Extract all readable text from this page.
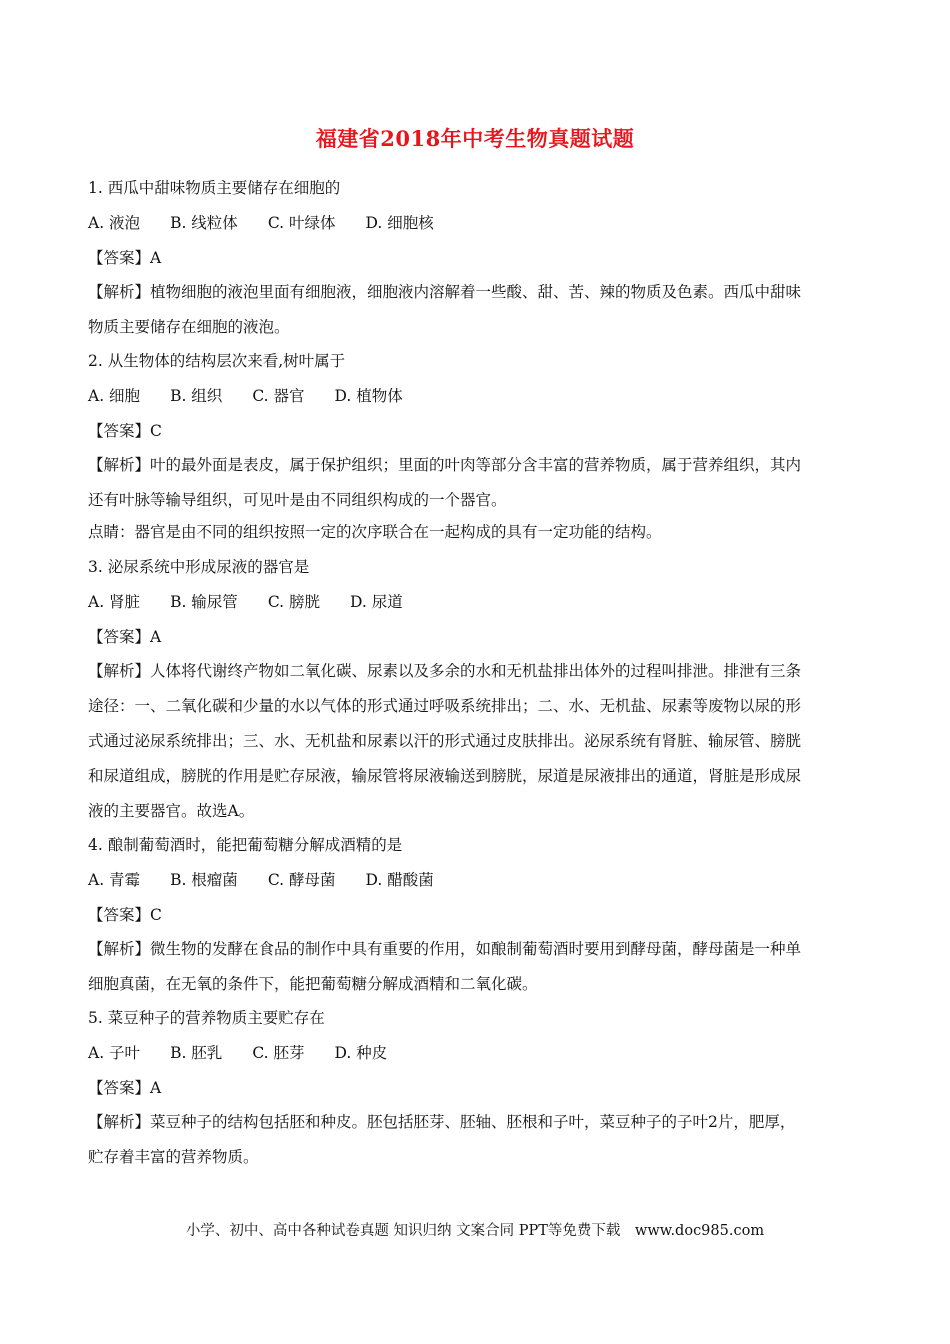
福建省2018年中考生物真题试题
1. 西瓜中甜味物质主要储存在细胞的
A. 液泡 B. 线粒体 C. 叶绿体 D. 细胞核
【答案】A
【解析】植物细胞的液泡里面有细胞液，细胞液内溶解着一些酸、甜、苦、辣的物质及色素。西瓜中甜味
物质主要储存在细胞的液泡。
2. 从生物体的结构层次来看,树叶属于
A. 细胞 B. 组织 C. 器官 D. 植物体
【答案】C
【解析】叶的最外面是表皮，属于保护组织；里面的叶肉等部分含丰富的营养物质，属于营养组织，其内
还有叶脉等输导组织，可见叶是由不同组织构成的一个器官。
点睛：器官是由不同的组织按照一定的次序联合在一起构成的具有一定功能的结构。
3. 泌尿系统中形成尿液的器官是
A. 肾脏 B. 输尿管 C. 膀胱 D. 尿道
【答案】A
【解析】人体将代谢终产物如二氧化碳、尿素以及多余的水和无机盐排出体外的过程叫排泄。排泄有三条
途径：一、二氧化碳和少量的水以气体的形式通过呼吸系统排出；二、水、无机盐、尿素等废物以尿的形
式通过泌尿系统排出；三、水、无机盐和尿素以汗的形式通过皮肤排出。泌尿系统有肾脏、输尿管、膀胱
和尿道组成，膀胱的作用是贮存尿液，输尿管将尿液输送到膀胱，尿道是尿液排出的通道，肾脏是形成尿
液的主要器官。故选A。
4. 酿制葡萄酒时，能把葡萄糖分解成酒精的是
A. 青霉 B. 根瘤菌 C. 酵母菌 D. 醋酸菌
【答案】C
【解析】微生物的发酵在食品的制作中具有重要的作用，如酿制葡萄酒时要用到酵母菌，酵母菌是一种单
细胞真菌，在无氧的条件下，能把葡萄糖分解成酒精和二氧化碳。
5. 菜豆种子的营养物质主要贮存在
A. 子叶 B. 胚乳 C. 胚芽 D. 种皮
【答案】A
【解析】菜豆种子的结构包括胚和种皮。胚包括胚芽、胚轴、胚根和子叶，菜豆种子的子叶2片，肥厚，
贮存着丰富的营养物质。
小学、初中、高中各种试卷真题 知识归纳 文案合同 PPT等免费下载　www.doc985.com
